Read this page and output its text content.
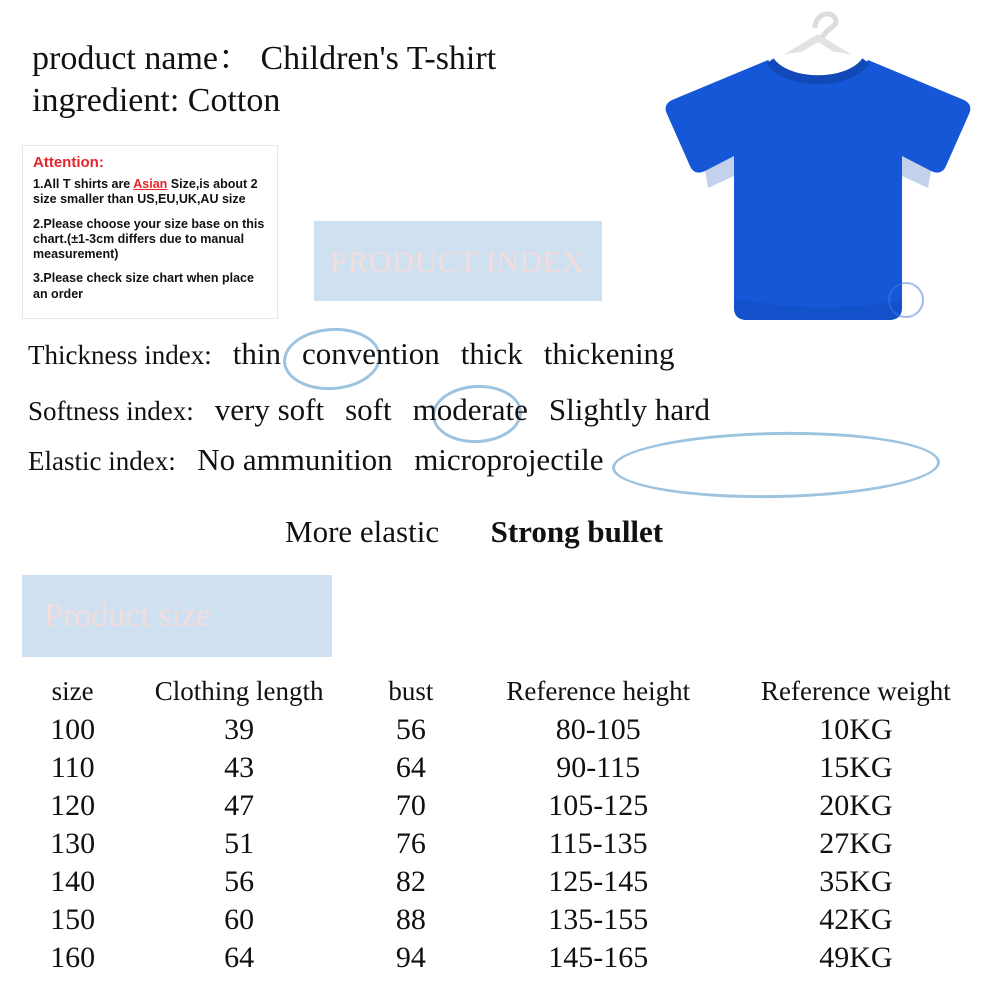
product name： Children's T-shirt
ingredient: Cotton
Attention:
1.All T shirts are Asian Size,is about 2 size smaller than US,EU,UK,AU size
2.Please choose your size base on this chart.(±1-3cm differs due to manual measurement)
3.Please check size chart when place an order
PRODUCT INDEX
Thickness index: thin convention thick thickening
Softness index: very soft soft moderate Slightly hard
Elastic index: No ammunition microprojectile
More elastic Strong bullet
Product size
size	Clothing length	bust	Reference height	Reference weight
100	39	56	80-105	10KG
110	43	64	90-115	15KG
120	47	70	105-125	20KG
130	51	76	115-135	27KG
140	56	82	125-145	35KG
150	60	88	135-155	42KG
160	64	94	145-165	49KG
